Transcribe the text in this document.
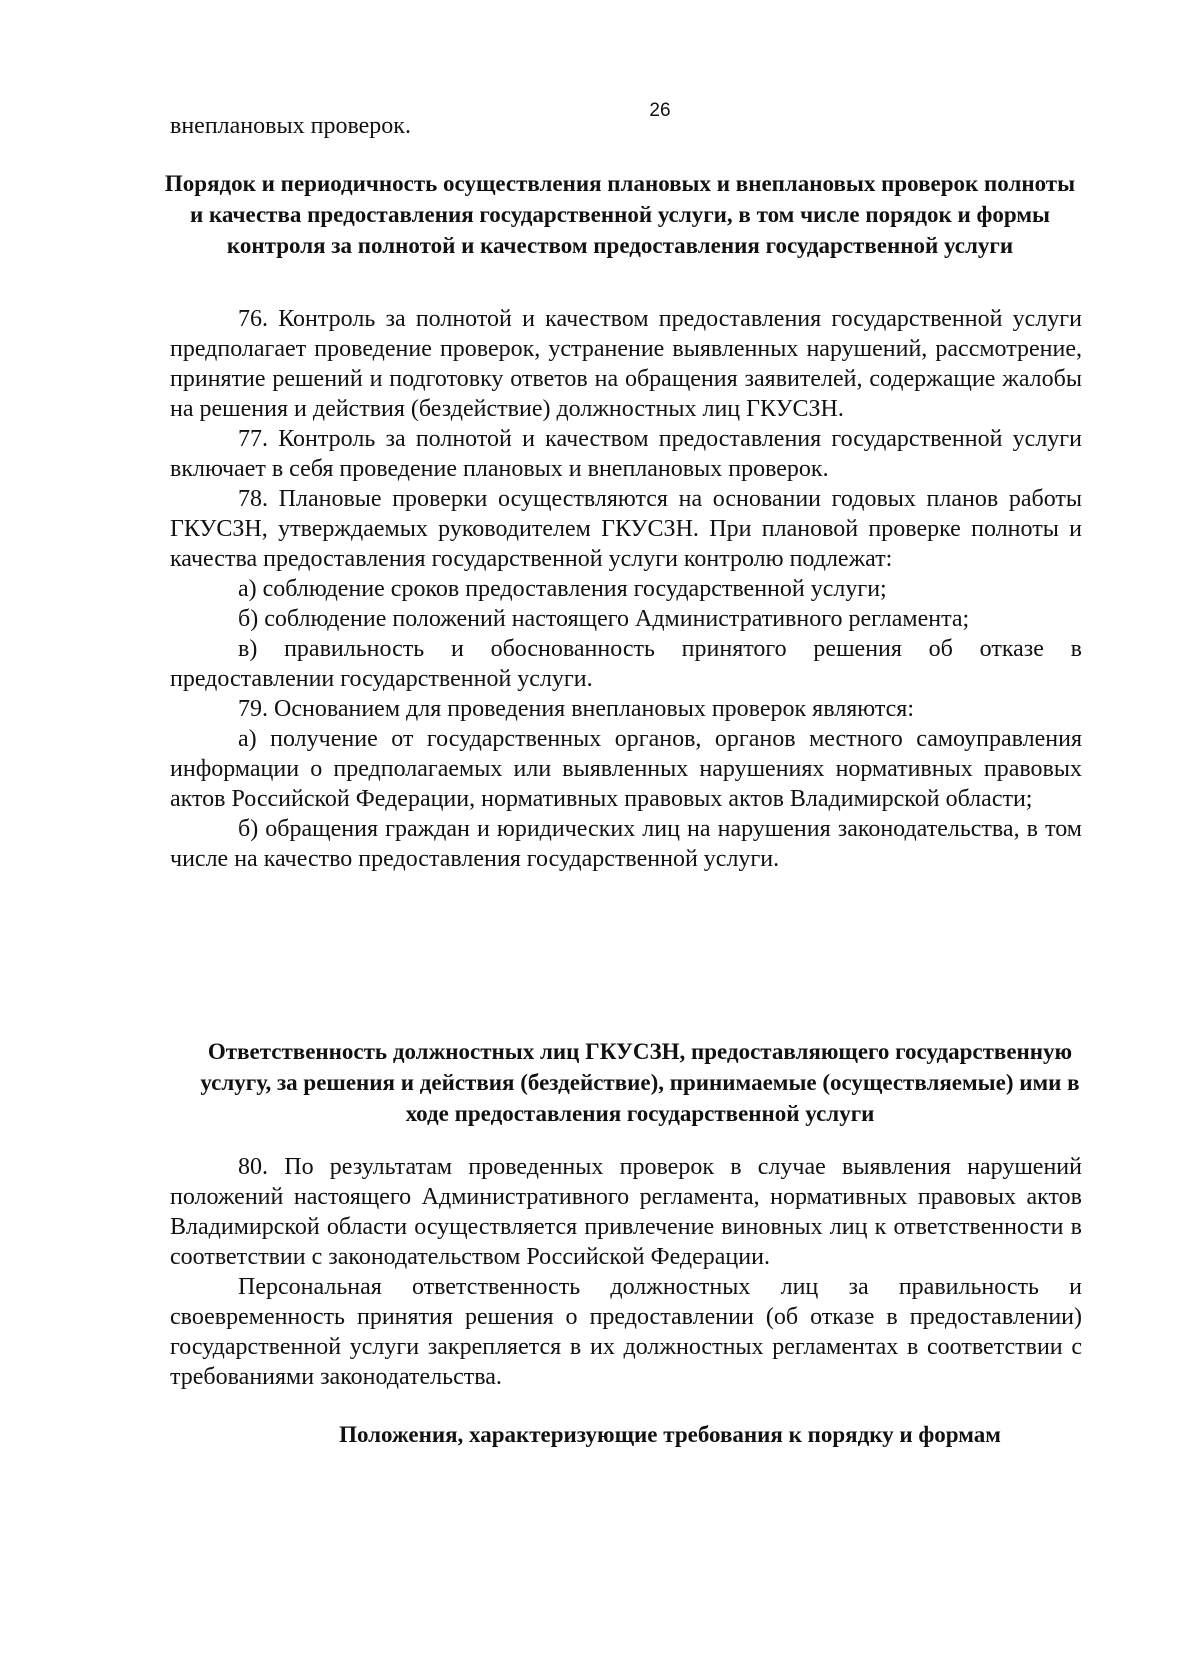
26

внеплановых проверок.

Порядок и периодичность осуществления плановых и внеплановых проверок полноты и качества предоставления государственной услуги, в том числе порядок и формы контроля за полнотой и качеством предоставления государственной услуги

76. Контроль за полнотой и качеством предоставления государственной услуги предполагает проведение проверок, устранение выявленных нарушений, рассмотрение, принятие решений и подготовку ответов на обращения заявителей, содержащие жалобы на решения и действия (бездействие) должностных лиц ГКУСЗН.

77. Контроль за полнотой и качеством предоставления государственной услуги включает в себя проведение плановых и внеплановых проверок.

78. Плановые проверки осуществляются на основании годовых планов работы ГКУСЗН, утверждаемых руководителем ГКУСЗН. При плановой проверке полноты и качества предоставления государственной услуги контролю подлежат:

а) соблюдение сроков предоставления государственной услуги;

б) соблюдение положений настоящего Административного регламента;

в) правильность и обоснованность принятого решения об отказе в предоставлении государственной услуги.

79. Основанием для проведения внеплановых проверок являются:

а) получение от государственных органов, органов местного самоуправления информации о предполагаемых или выявленных нарушениях нормативных правовых актов Российской Федерации, нормативных правовых актов Владимирской области;

б) обращения граждан и юридических лиц на нарушения законодательства, в том числе на качество предоставления государственной услуги.

Ответственность должностных лиц ГКУСЗН, предоставляющего государственную услугу, за решения и действия (бездействие), принимаемые (осуществляемые) ими в ходе предоставления государственной услуги

80. По результатам проведенных проверок в случае выявления нарушений положений настоящего Административного регламента, нормативных правовых актов Владимирской области осуществляется привлечение виновных лиц к ответственности в соответствии с законодательством Российской Федерации.

Персональная ответственность должностных лиц за правильность и своевременность принятия решения о предоставлении (об отказе в предоставлении) государственной услуги закрепляется в их должностных регламентах в соответствии с требованиями законодательства.

Положения, характеризующие требования к порядку и формам
